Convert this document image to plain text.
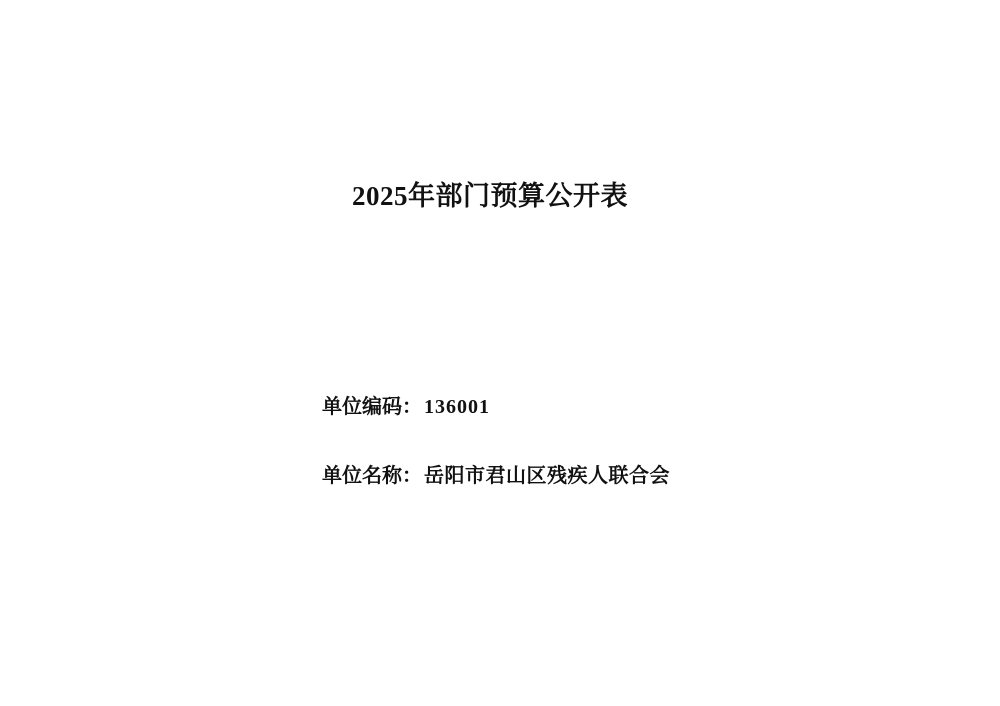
2025年部门预算公开表
单位编码： 136001
单位名称： 岳阳市君山区残疾人联合会
